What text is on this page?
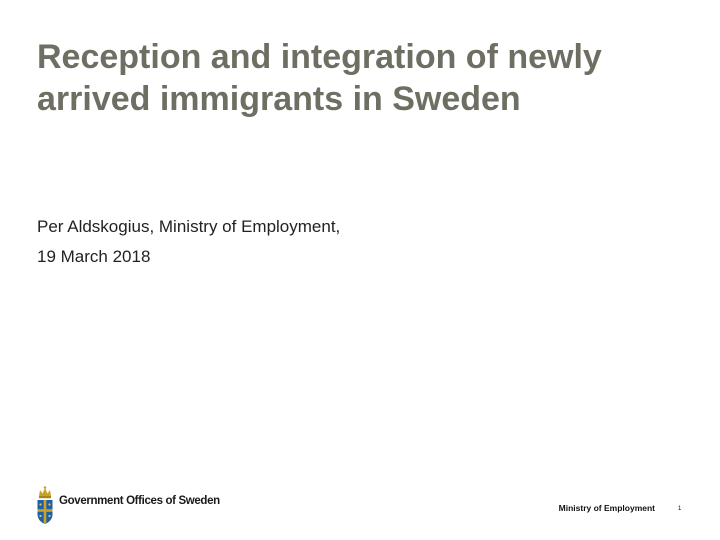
Reception and integration of newly arrived immigrants in Sweden
Per Aldskogius, Ministry of Employment,
19 March 2018
Government Offices of Sweden
Ministry of Employment	1
